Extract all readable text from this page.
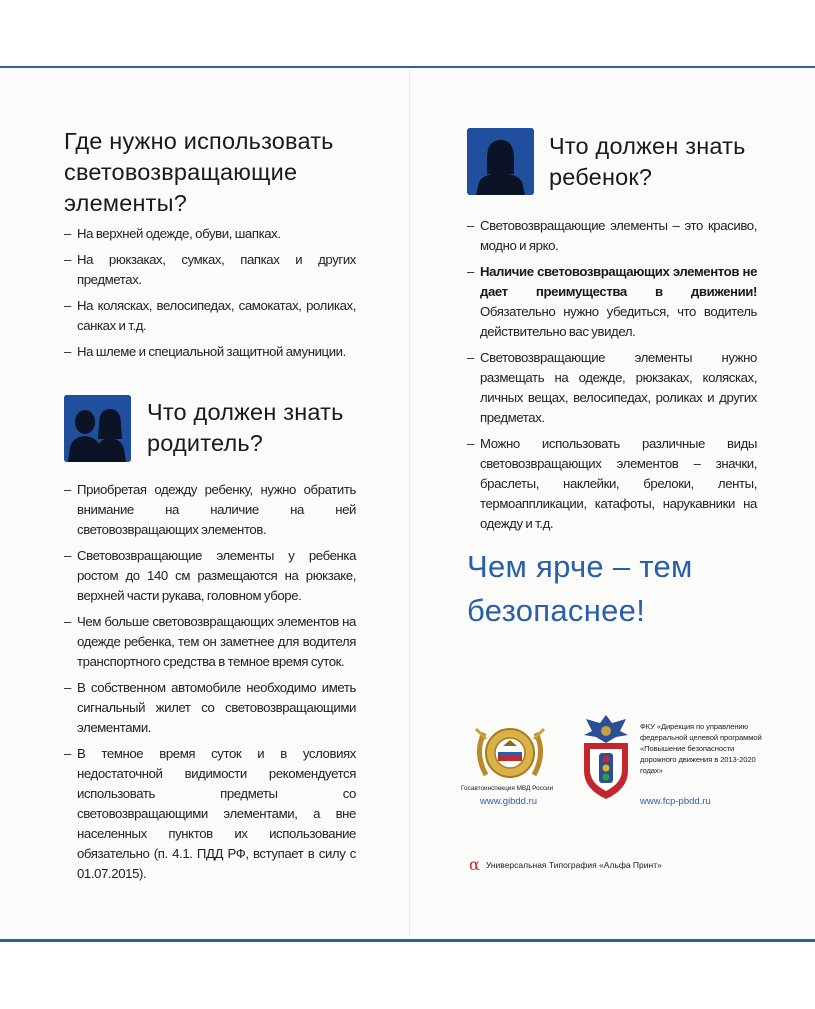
Где нужно использовать
световозвращающие
элементы?
– На верхней одежде, обуви, шапках.
– На рюкзаках, сумках, папках и других предметах.
– На колясках, велосипедах, самокатах, роликах, санках и т.д.
– На шлеме и специальной защитной амуниции.
Что должен знать
родитель?
– Приобретая одежду ребенку, нужно обратить внимание на наличие на ней световозвращающих элементов.
– Световозвращающие элементы у ребенка ростом до 140 см размещаются на рюкзаке, верхней части рукава, головном уборе.
– Чем больше световозвращающих элементов на одежде ребенка, тем он заметнее для водителя транспортного средства в темное время суток.
– В собственном автомобиле необходимо иметь сигнальный жилет со световозвращающими элементами.
– В темное время суток и в условиях недостаточной видимости рекомендуется использовать предметы со световозвращающими элементами, а вне населенных пунктов их использование обязательно (п. 4.1. ПДД РФ, вступает в силу с 01.07.2015).
Что должен знать
ребенок?
– Световозвращающие элементы – это красиво, модно и ярко.
– Наличие световозвращающих элементов не дает преимущества в движении! Обязательно нужно убедиться, что водитель действительно вас увидел.
– Световозвращающие элементы нужно размещать на одежде, рюкзаках, колясках, личных вещах, велосипедах, роликах и других предметах.
– Можно использовать различные виды световозвращающих элементов – значки, браслеты, наклейки, брелоки, ленты, термоаппликации, катафоты, нарукавники на одежду и т.д.
Чем ярче – тем
безопаснее!
Госавтоинспекция МВД России
www.gibdd.ru
ФКУ «Дирекция по управлению федеральной целевой программой «Повышение безопасности дорожного движения в 2013-2020 годах»
www.fcp-pbdd.ru
α Универсальная Типография «Альфа Принт»
